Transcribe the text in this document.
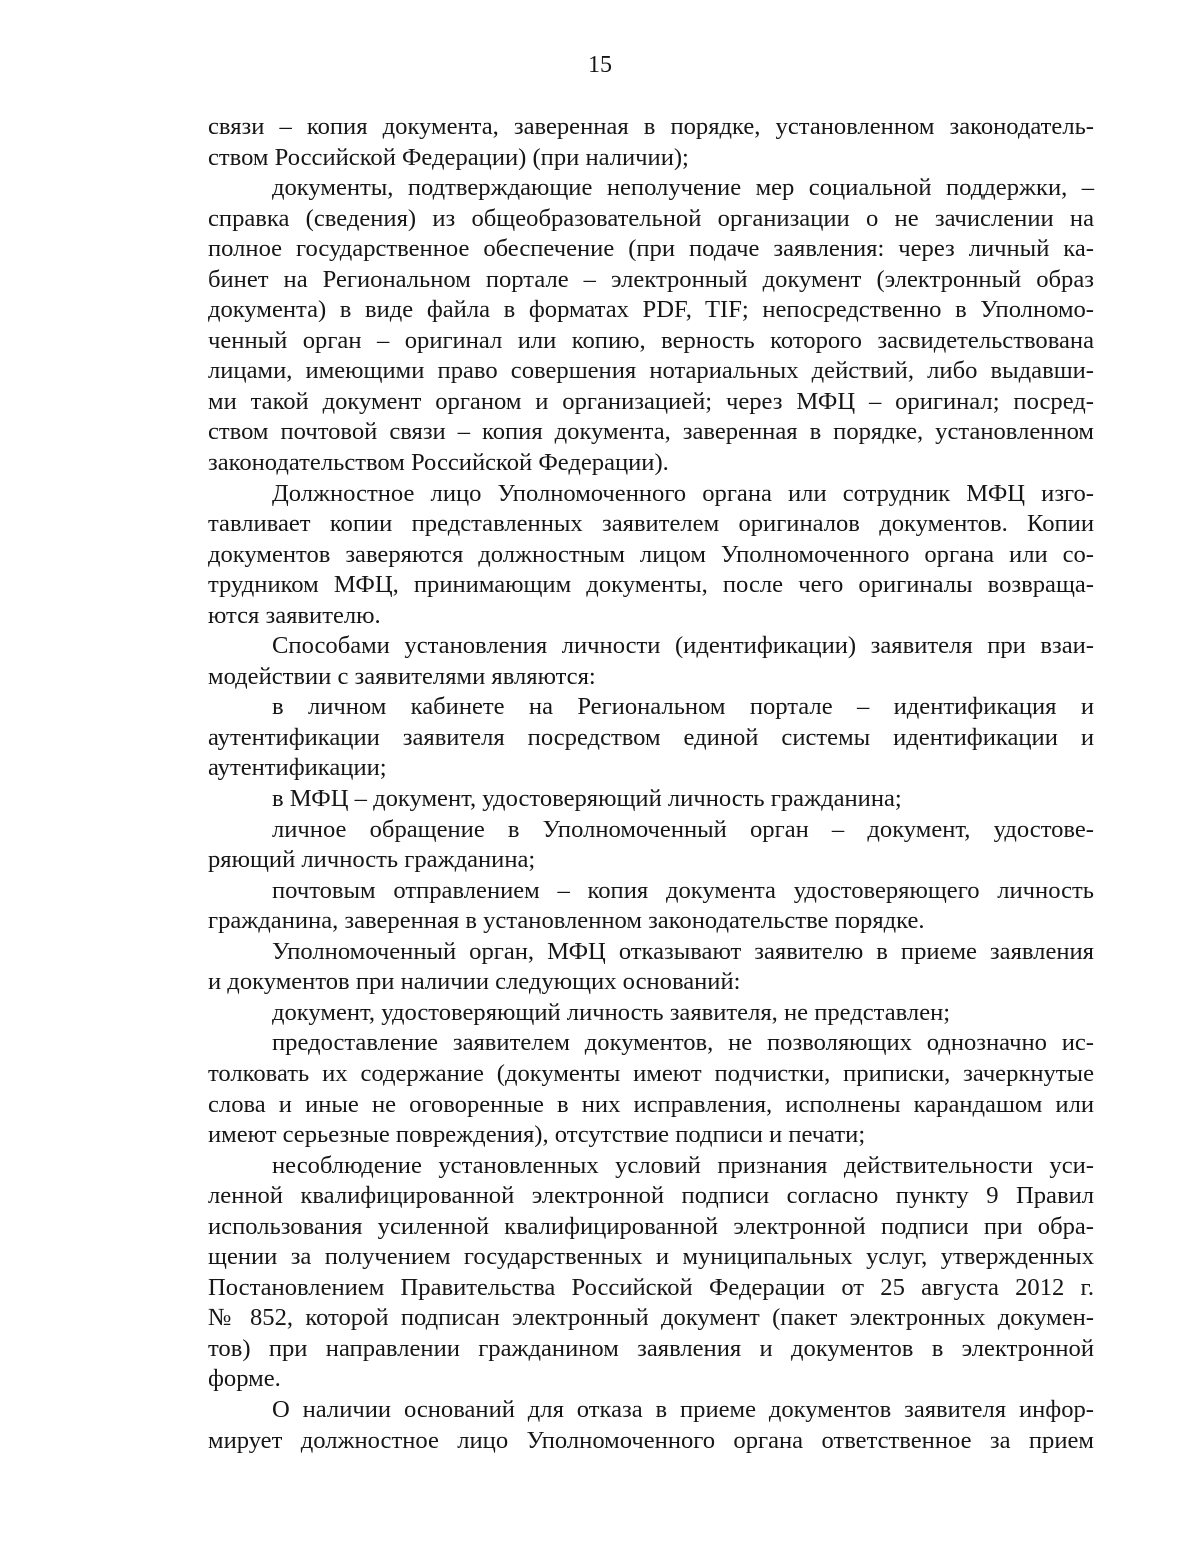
15
связи – копия документа, заверенная в порядке, установленном законодатель-
ством Российской Федерации) (при наличии);
документы, подтверждающие неполучение мер социальной поддержки, –
справка (сведения) из общеобразовательной организации о не зачислении на
полное государственное обеспечение (при подаче заявления: через личный ка-
бинет на Региональном портале – электронный документ (электронный образ
документа) в виде файла в форматах PDF, TIF; непосредственно в Уполномо-
ченный орган – оригинал или копию, верность которого засвидетельствована
лицами, имеющими право совершения нотариальных действий, либо выдавши-
ми такой документ органом и организацией; через МФЦ – оригинал; посред-
ством почтовой связи – копия документа, заверенная в порядке, установленном
законодательством Российской Федерации).
Должностное лицо Уполномоченного органа или сотрудник МФЦ изго-
тавливает копии представленных заявителем оригиналов документов. Копии
документов заверяются должностным лицом Уполномоченного органа или со-
трудником МФЦ, принимающим документы, после чего оригиналы возвраща-
ются заявителю.
Способами установления личности (идентификации) заявителя при взаи-
модействии с заявителями являются:
в личном кабинете на Региональном портале – идентификация и
аутентификации заявителя посредством единой системы идентификации и
аутентификации;
в МФЦ – документ, удостоверяющий личность гражданина;
личное обращение в Уполномоченный орган – документ, удостове-
ряющий личность гражданина;
почтовым отправлением – копия документа удостоверяющего личность
гражданина, заверенная в установленном законодательстве порядке.
Уполномоченный орган, МФЦ отказывают заявителю в приеме заявления
и документов при наличии следующих оснований:
документ, удостоверяющий личность заявителя, не представлен;
предоставление заявителем документов, не позволяющих однозначно ис-
толковать их содержание (документы имеют подчистки, приписки, зачеркнутые
слова и иные не оговоренные в них исправления, исполнены карандашом или
имеют серьезные повреждения), отсутствие подписи и печати;
несоблюдение установленных условий признания действительности уси-
ленной квалифицированной электронной подписи согласно пункту 9 Правил
использования усиленной квалифицированной электронной подписи при обра-
щении за получением государственных и муниципальных услуг, утвержденных
Постановлением Правительства Российской Федерации от 25 августа 2012 г.
№ 852, которой подписан электронный документ (пакет электронных докумен-
тов) при направлении гражданином заявления и документов в электронной
форме.
О наличии оснований для отказа в приеме документов заявителя инфор-
мирует должностное лицо Уполномоченного органа ответственное за прием
